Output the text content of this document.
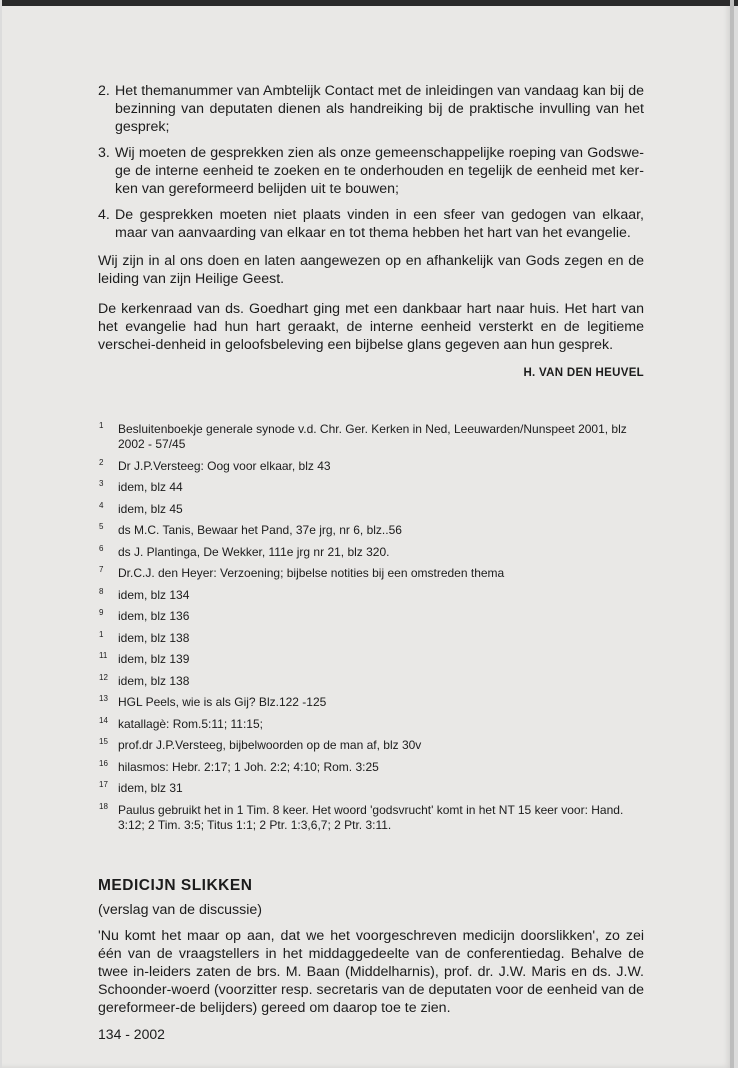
2. Het themanummer van Ambtelijk Contact met de inleidingen van vandaag kan bij de bezinning van deputaten dienen als handreiking bij de praktische invulling van het gesprek;
3. Wij moeten de gesprekken zien als onze gemeenschappelijke roeping van Godswe-ge de interne eenheid te zoeken en te onderhouden en tegelijk de eenheid met ker-ken van gereformeerd belijden uit te bouwen;
4. De gesprekken moeten niet plaats vinden in een sfeer van gedogen van elkaar, maar van aanvaarding van elkaar en tot thema hebben het hart van het evangelie.

Wij zijn in al ons doen en laten aangewezen op en afhankelijk van Gods zegen en de leiding van zijn Heilige Geest.

De kerkenraad van ds. Goedhart ging met een dankbaar hart naar huis. Het hart van het evangelie had hun hart geraakt, de interne eenheid versterkt en de legitieme verschei-denheid in geloofsbeleving een bijbelse glans gegeven aan hun gesprek.

H. VAN DEN HEUVEL
1	Besluitenboekje generale synode v.d. Chr. Ger. Kerken in Ned, Leeuwarden/Nunspeet 2001, blz 2002 - 57/45
2	Dr J.P.Versteeg: Oog voor elkaar, blz 43
3	idem, blz 44
4	idem, blz 45
5	ds M.C. Tanis, Bewaar het Pand, 37e jrg, nr 6, blz..56
6	ds J. Plantinga, De Wekker, 111e jrg nr 21, blz 320.
7	Dr.C.J. den Heyer: Verzoening; bijbelse notities bij een omstreden thema
8	idem, blz 134
9	idem, blz 136
1	idem, blz 138
11 idem, blz 139
12 idem, blz 138
13 HGL Peels, wie is als Gij? Blz.122 -125
14 katallagè: Rom.5:11; 11:15;
15 prof.dr J.P.Versteeg, bijbelwoorden op de man af, blz 30v
16 hilasmos: Hebr. 2:17; 1 Joh. 2:2; 4:10; Rom. 3:25
17 idem, blz 31
18 Paulus gebruikt het in 1 Tim. 8 keer. Het woord 'godsvrucht' komt in het NT 15 keer voor: Hand. 3:12; 2 Tim. 3:5; Titus 1:1; 2 Ptr. 1:3,6,7; 2 Ptr. 3:11.
MEDICIJN SLIKKEN
(verslag van de discussie)

'Nu komt het maar op aan, dat we het voorgeschreven medicijn doorslikken', zo zei één van de vraagstellers in het middaggedeelte van de conferentiedag. Behalve de twee in-leiders zaten de brs. M. Baan (Middelharnis), prof. dr. J.W. Maris en ds. J.W. Schoonder-woerd (voorzitter resp. secretaris van de deputaten voor de eenheid van de gereformeer-de belijders) gereed om daarop toe te zien.

134 - 2002
